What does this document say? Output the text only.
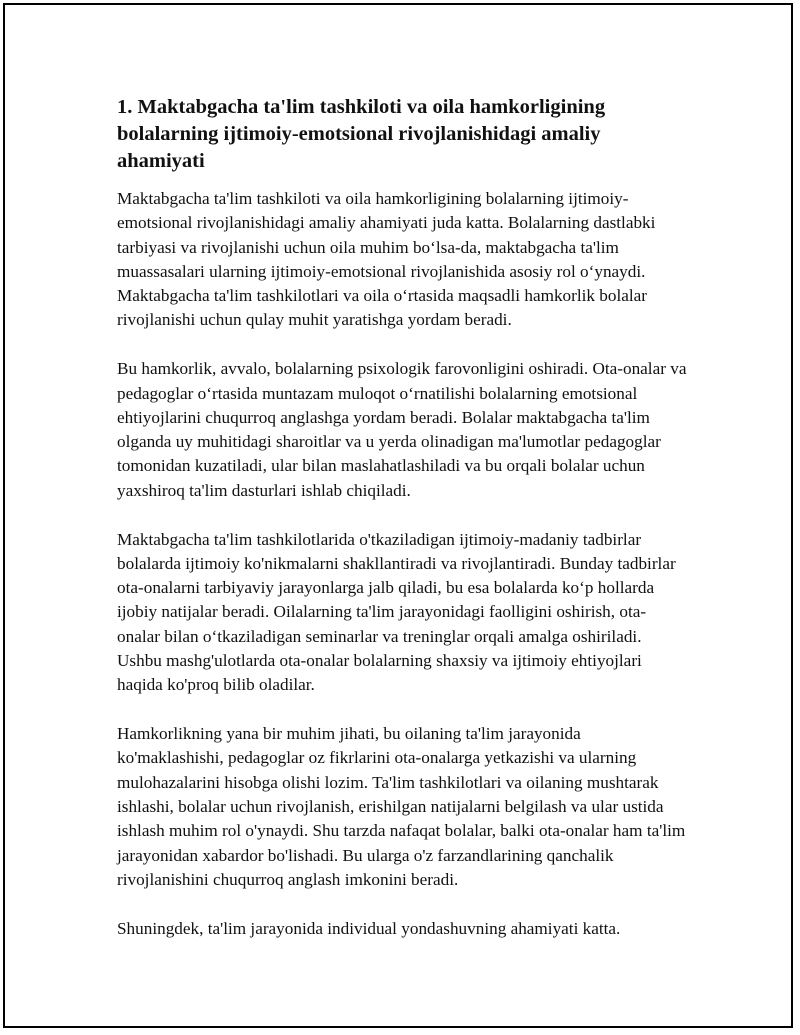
1. Maktabgacha ta'lim tashkiloti va oila hamkorligining bolalarning ijtimoiy-emotsional rivojlanishidagi amaliy ahamiyati

Maktabgacha ta'lim tashkiloti va oila hamkorligining bolalarning ijtimoiy-emotsional rivojlanishidagi amaliy ahamiyati juda katta. Bolalarning dastlabki tarbiyasi va rivojlanishi uchun oila muhim bo‘lsa-da, maktabgacha ta'lim muassasalari ularning ijtimoiy-emotsional rivojlanishida asosiy rol o‘ynaydi. Maktabgacha ta'lim tashkilotlari va oila o‘rtasida maqsadli hamkorlik bolalar rivojlanishi uchun qulay muhit yaratishga yordam beradi.

Bu hamkorlik, avvalo, bolalarning psixologik farovonligini oshiradi. Ota-onalar va pedagoglar o‘rtasida muntazam muloqot o‘rnatilishi bolalarning emotsional ehtiyojlarini chuqurroq anglashga yordam beradi. Bolalar maktabgacha ta'lim olganda uy muhitidagi sharoitlar va u yerda olinadigan ma'lumotlar pedagoglar tomonidan kuzatiladi, ular bilan maslahatlashiladi va bu orqali bolalar uchun yaxshiroq ta'lim dasturlari ishlab chiqiladi.

Maktabgacha ta'lim tashkilotlarida o'tkaziladigan ijtimoiy-madaniy tadbirlar bolalarda ijtimoiy ko'nikmalarni shakllantiradi va rivojlantiradi. Bunday tadbirlar ota-onalarni tarbiyaviy jarayonlarga jalb qiladi, bu esa bolalarda ko‘p hollarda ijobiy natijalar beradi. Oilalarning ta'lim jarayonidagi faolligini oshirish, ota-onalar bilan o‘tkaziladigan seminarlar va treninglar orqali amalga oshiriladi. Ushbu mashg'ulotlarda ota-onalar bolalarning shaxsiy va ijtimoiy ehtiyojlari haqida ko'proq bilib oladilar.

Hamkorlikning yana bir muhim jihati, bu oilaning ta'lim jarayonida ko'maklashishi, pedagoglar oz fikrlarini ota-onalarga yetkazishi va ularning mulohazalarini hisobga olishi lozim. Ta'lim tashkilotlari va oilaning mushtarak ishlashi, bolalar uchun rivojlanish, erishilgan natijalarni belgilash va ular ustida ishlash muhim rol o'ynaydi. Shu tarzda nafaqat bolalar, balki ota-onalar ham ta'lim jarayonidan xabardor bo'lishadi. Bu ularga o'z farzandlarining qanchalik rivojlanishini chuqurroq anglash imkonini beradi.

Shuningdek, ta'lim jarayonida individual yondashuvning ahamiyati katta.
